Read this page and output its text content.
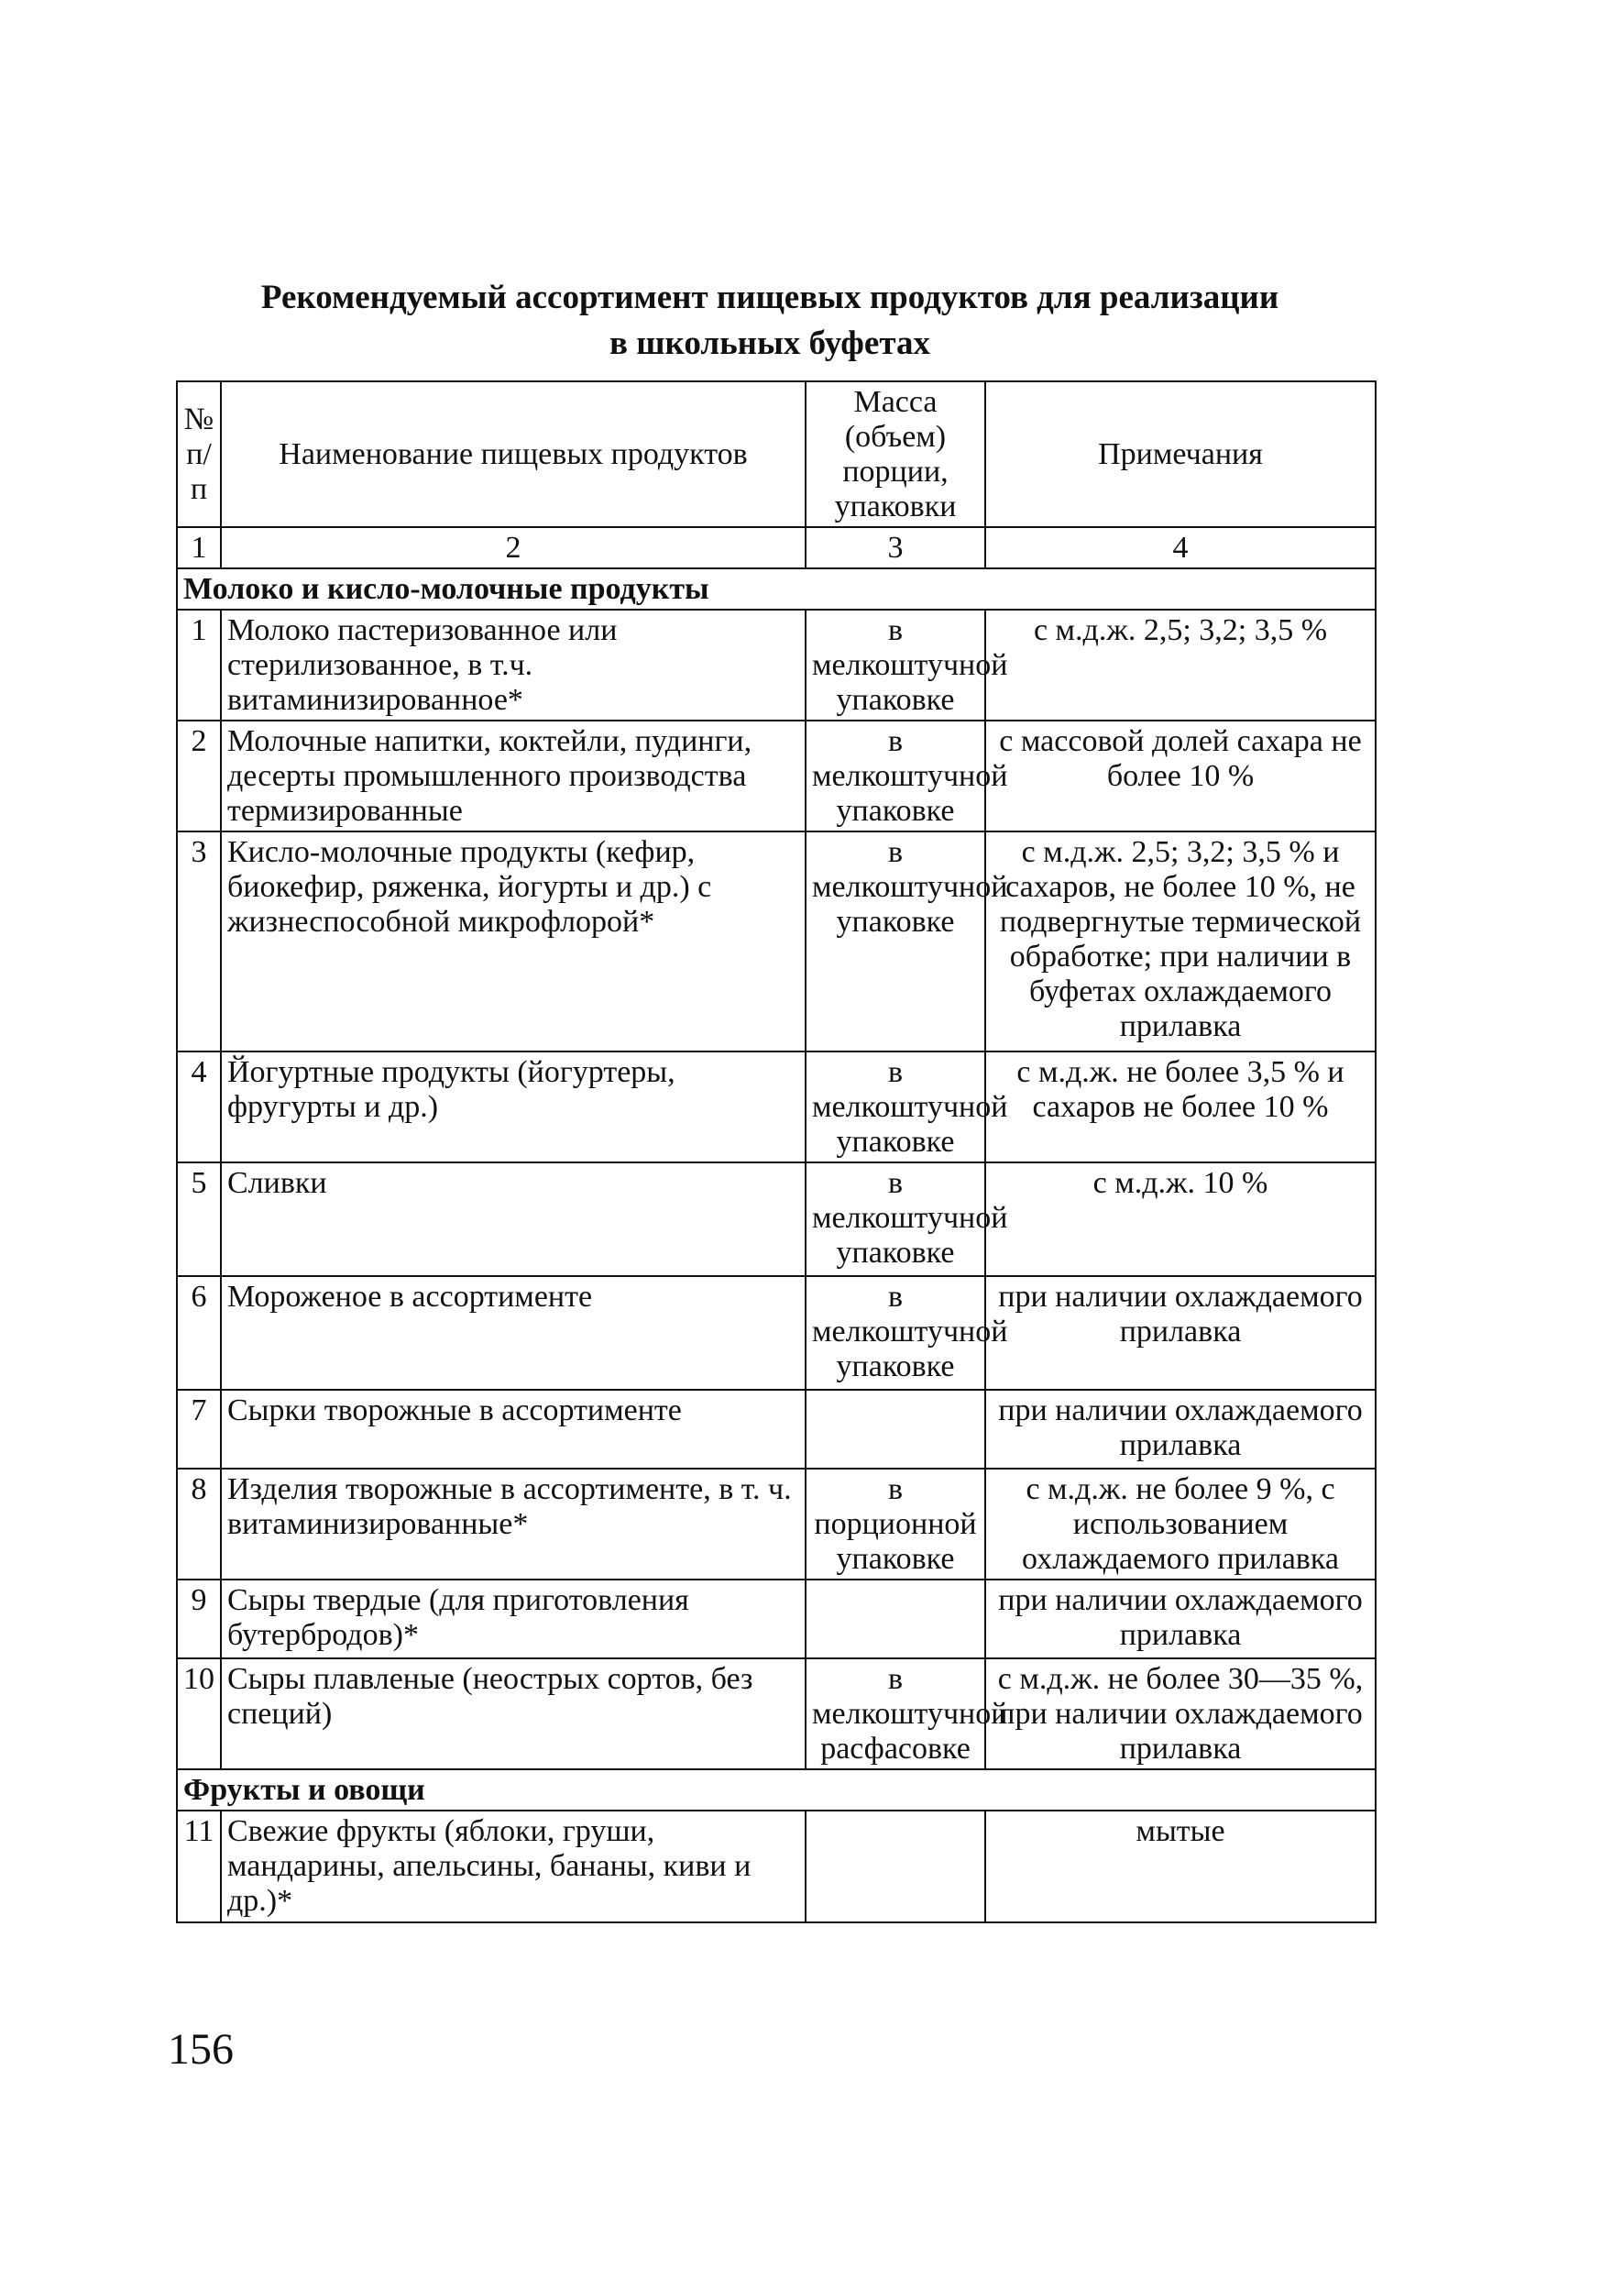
Рекомендуемый ассортимент пищевых продуктов для реализации
в школьных буфетах
№ п/п	Наименование пищевых продуктов	Масса (объем) порции, упаковки	Примечания
1	2	3	4
Молоко и кисло-молочные продукты			
1	Молоко пастеризованное или стерилизованное, в т.ч. витаминизированное*	в мелкоштучной упаковке	с м.д.ж. 2,5; 3,2; 3,5 %
2	Молочные напитки, коктейли, пудинги, десерты промышленного производства термизированные	в мелкоштучной упаковке	с массовой долей сахара не более 10 %
3	Кисло-молочные продукты (кефир, биокефир, ряженка, йогурты и др.) с жизнеспособной микрофлорой*	в мелкоштучной упаковке	с м.д.ж. 2,5; 3,2; 3,5 % и сахаров, не более 10 %, не подвергнутые термической обработке; при наличии в буфетах охлаждаемого прилавка
4	Йогуртные продукты (йогуртеры, фругурты и др.)	в мелкоштучной упаковке	с м.д.ж. не более 3,5 % и сахаров не более 10 %
5	Сливки	в мелкоштучной упаковке	с м.д.ж. 10 %
6	Мороженое в ассортименте	в мелкоштучной упаковке	при наличии охлаждаемого прилавка
7	Сырки творожные в ассортименте		при наличии охлаждаемого прилавка
8	Изделия творожные в ассортименте, в т. ч. витаминизированные*	в порционной упаковке	с м.д.ж. не более 9 %, с использованием охлаждаемого прилавка
9	Сыры твердые (для приготовления бутербродов)*		при наличии охлаждаемого прилавка
10	Сыры плавленые (неострых сортов, без специй)	в мелкоштучной расфасовке	с м.д.ж. не более 30—35 %, при наличии охлаждаемого прилавка
Фрукты и овощи			
11	Свежие фрукты (яблоки, груши, мандарины, апельсины, бананы, киви и др.)*		мытые
156
